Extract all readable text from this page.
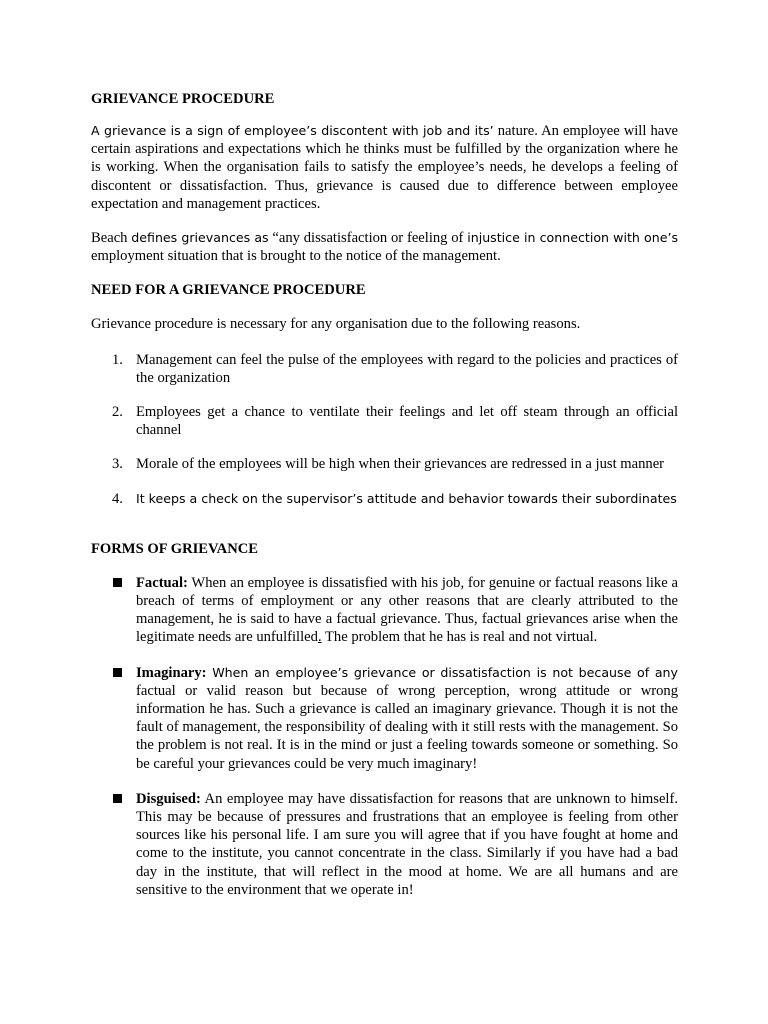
GRIEVANCE PROCEDURE

A grievance is a sign of employee’s discontent with job and its’ nature. An employee will have certain aspirations and expectations which he thinks must be fulfilled by the organization where he is working. When the organisation fails to satisfy the employee’s needs, he develops a feeling of discontent or dissatisfaction. Thus, grievance is caused due to difference between employee expectation and management practices.

Beach defines grievances as “any dissatisfaction or feeling of injustice in connection with one’s employment situation that is brought to the notice of the management.

NEED FOR A GRIEVANCE PROCEDURE

Grievance procedure is necessary for any organisation due to the following reasons.

1. Management can feel the pulse of the employees with regard to the policies and practices of the organization
2. Employees get a chance to ventilate their feelings and let off steam through an official channel
3. Morale of the employees will be high when their grievances are redressed in a just manner
4. It keeps a check on the supervisor’s attitude and behavior towards their subordinates
FORMS OF GRIEVANCE
Factual: When an employee is dissatisfied with his job, for genuine or factual reasons like a breach of terms of employment or any other reasons that are clearly attributed to the management, he is said to have a factual grievance. Thus, factual grievances arise when the legitimate needs are unfulfilled. The problem that he has is real and not virtual.
Imaginary: When an employee’s grievance or dissatisfaction is not because of any factual or valid reason but because of wrong perception, wrong attitude or wrong information he has. Such a grievance is called an imaginary grievance. Though it is not the fault of management, the responsibility of dealing with it still rests with the management. So the problem is not real. It is in the mind or just a feeling towards someone or something. So be careful your grievances could be very much imaginary!
Disguised: An employee may have dissatisfaction for reasons that are unknown to himself. This may be because of pressures and frustrations that an employee is feeling from other sources like his personal life. I am sure you will agree that if you have fought at home and come to the institute, you cannot concentrate in the class. Similarly if you have had a bad day in the institute, that will reflect in the mood at home. We are all humans and are sensitive to the environment that we operate in!
